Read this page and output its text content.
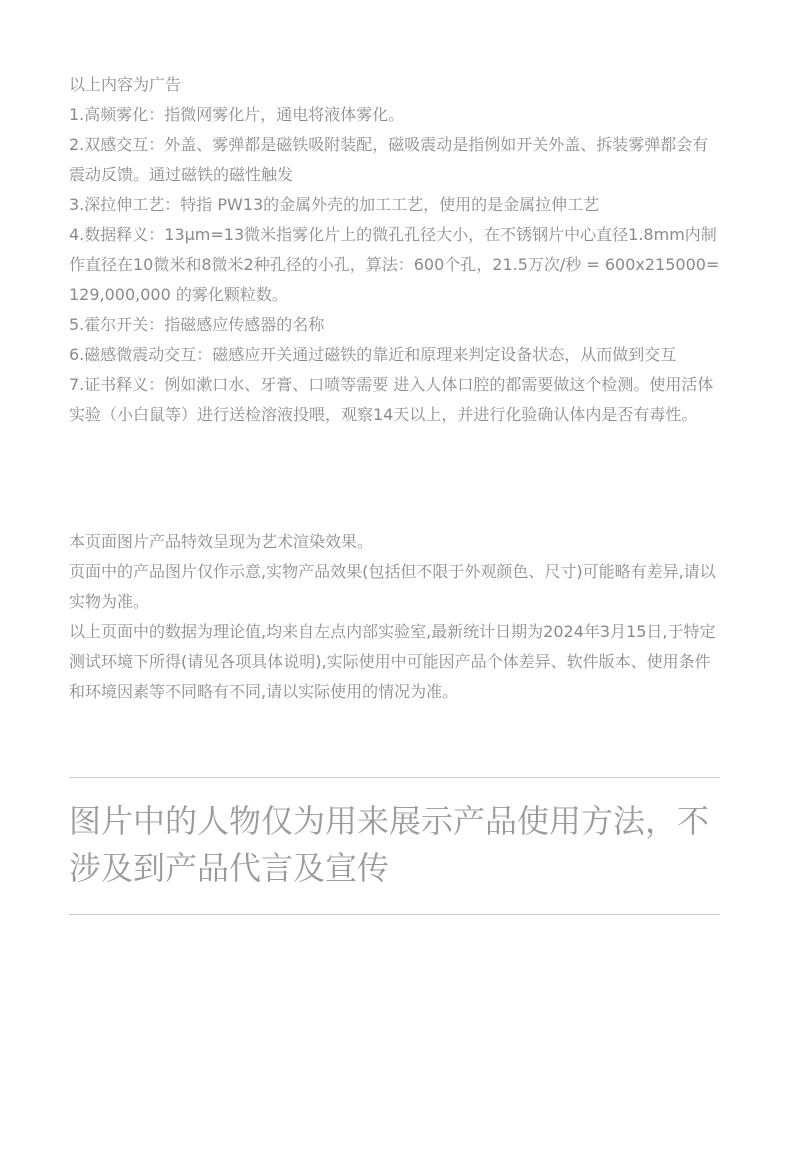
以上内容为广告

1.高频雾化：指微网雾化片，通电将液体雾化。

2.双感交互：外盖、雾弹都是磁铁吸附装配，磁吸震动是指例如开关外盖、拆装雾弹都会有震动反馈。通过磁铁的磁性触发

3.深拉伸工艺：特指 PW13的金属外壳的加工工艺，使用的是金属拉伸工艺

4.数据释义：13μm=13微米指雾化片上的微孔孔径大小，在不锈钢片中心直径1.8mm内制作直径在10微米和8微米2种孔径的小孔，算法：600个孔，21.5万次/秒 = 600x215000=129,000,000 的雾化颗粒数。

5.霍尔开关：指磁感应传感器的名称

6.磁感微震动交互：磁感应开关通过磁铁的靠近和原理来判定设备状态，从而做到交互

7.证书释义：例如漱口水、牙膏、口喷等需要 进入人体口腔的都需要做这个检测。使用活体实验（小白鼠等）进行送检溶液投喂，观察14天以上，并进行化验确认体内是否有毒性。

本页面图片产品特效呈现为艺术渲染效果。

页面中的产品图片仅作示意,实物产品效果(包括但不限于外观颜色、尺寸)可能略有差异,请以实物为准。

以上页面中的数据为理论值,均来自左点内部实验室,最新统计日期为2024年3月15日,于特定测试环境下所得(请见各项具体说明),实际使用中可能因产品个体差异、软件版本、使用条件和环境因素等不同略有不同,请以实际使用的情况为准。

图片中的人物仅为用来展示产品使用方法，不涉及到产品代言及宣传
